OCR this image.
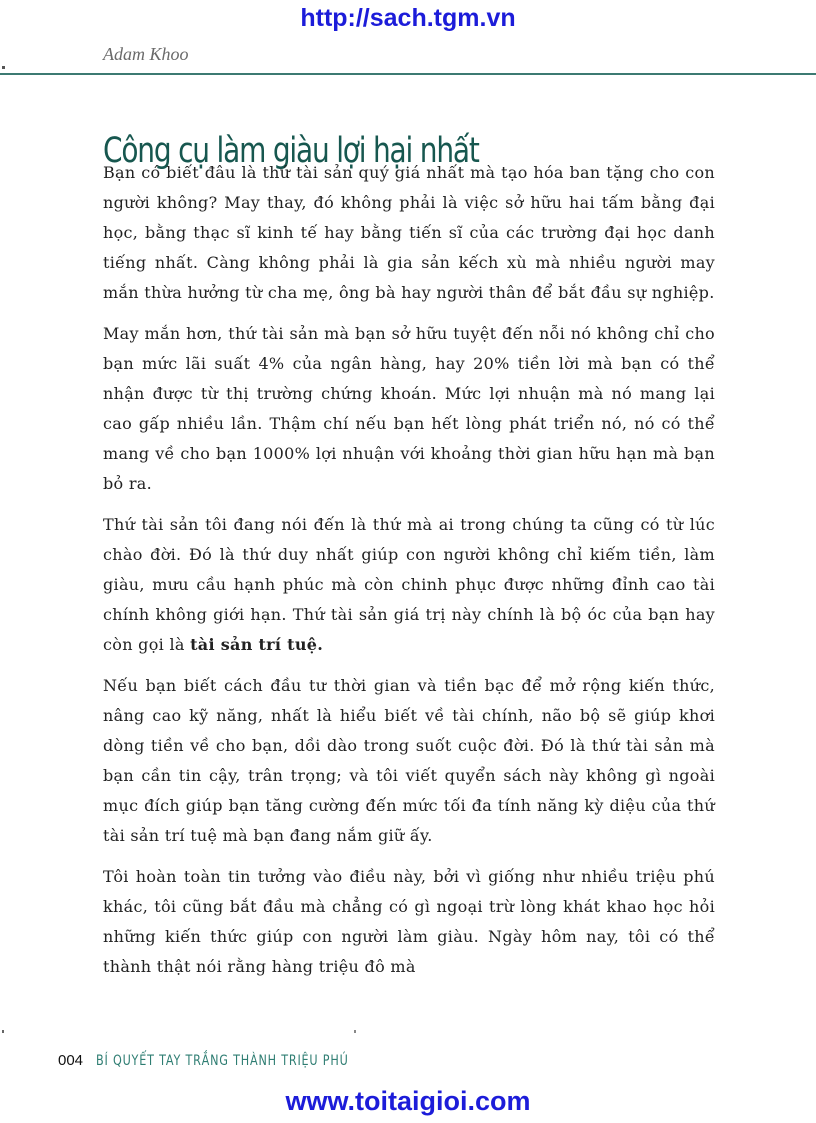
http://sach.tgm.vn
Adam Khoo
Công cụ làm giàu lợi hại nhất

Bạn có biết đâu là thứ tài sản quý giá nhất mà tạo hóa ban tặng cho con người không? May thay, đó không phải là việc sở hữu hai tấm bằng đại học, bằng thạc sĩ kinh tế hay bằng tiến sĩ của các trường đại học danh tiếng nhất. Càng không phải là gia sản kếch xù mà nhiều người may mắn thừa hưởng từ cha mẹ, ông bà hay người thân để bắt đầu sự nghiệp.

May mắn hơn, thứ tài sản mà bạn sở hữu tuyệt đến nỗi nó không chỉ cho bạn mức lãi suất 4% của ngân hàng, hay 20% tiền lời mà bạn có thể nhận được từ thị trường chứng khoán. Mức lợi nhuận mà nó mang lại cao gấp nhiều lần. Thậm chí nếu bạn hết lòng phát triển nó, nó có thể mang về cho bạn 1000% lợi nhuận với khoảng thời gian hữu hạn mà bạn bỏ ra.

Thứ tài sản tôi đang nói đến là thứ mà ai trong chúng ta cũng có từ lúc chào đời. Đó là thứ duy nhất giúp con người không chỉ kiếm tiền, làm giàu, mưu cầu hạnh phúc mà còn chinh phục được những đỉnh cao tài chính không giới hạn. Thứ tài sản giá trị này chính là bộ óc của bạn hay còn gọi là tài sản trí tuệ.

Nếu bạn biết cách đầu tư thời gian và tiền bạc để mở rộng kiến thức, nâng cao kỹ năng, nhất là hiểu biết về tài chính, não bộ sẽ giúp khơi dòng tiền về cho bạn, dồi dào trong suốt cuộc đời. Đó là thứ tài sản mà bạn cần tin cậy, trân trọng; và tôi viết quyển sách này không gì ngoài mục đích giúp bạn tăng cường đến mức tối đa tính năng kỳ diệu của thứ tài sản trí tuệ mà bạn đang nắm giữ ấy.

Tôi hoàn toàn tin tưởng vào điều này, bởi vì giống như nhiều triệu phú khác, tôi cũng bắt đầu mà chẳng có gì ngoại trừ lòng khát khao học hỏi những kiến thức giúp con người làm giàu. Ngày hôm nay, tôi có thể thành thật nói rằng hàng triệu đô mà

004 BÍ QUYẾT TAY TRẮNG THÀNH TRIỆU PHÚ
www.toitaigioi.com
